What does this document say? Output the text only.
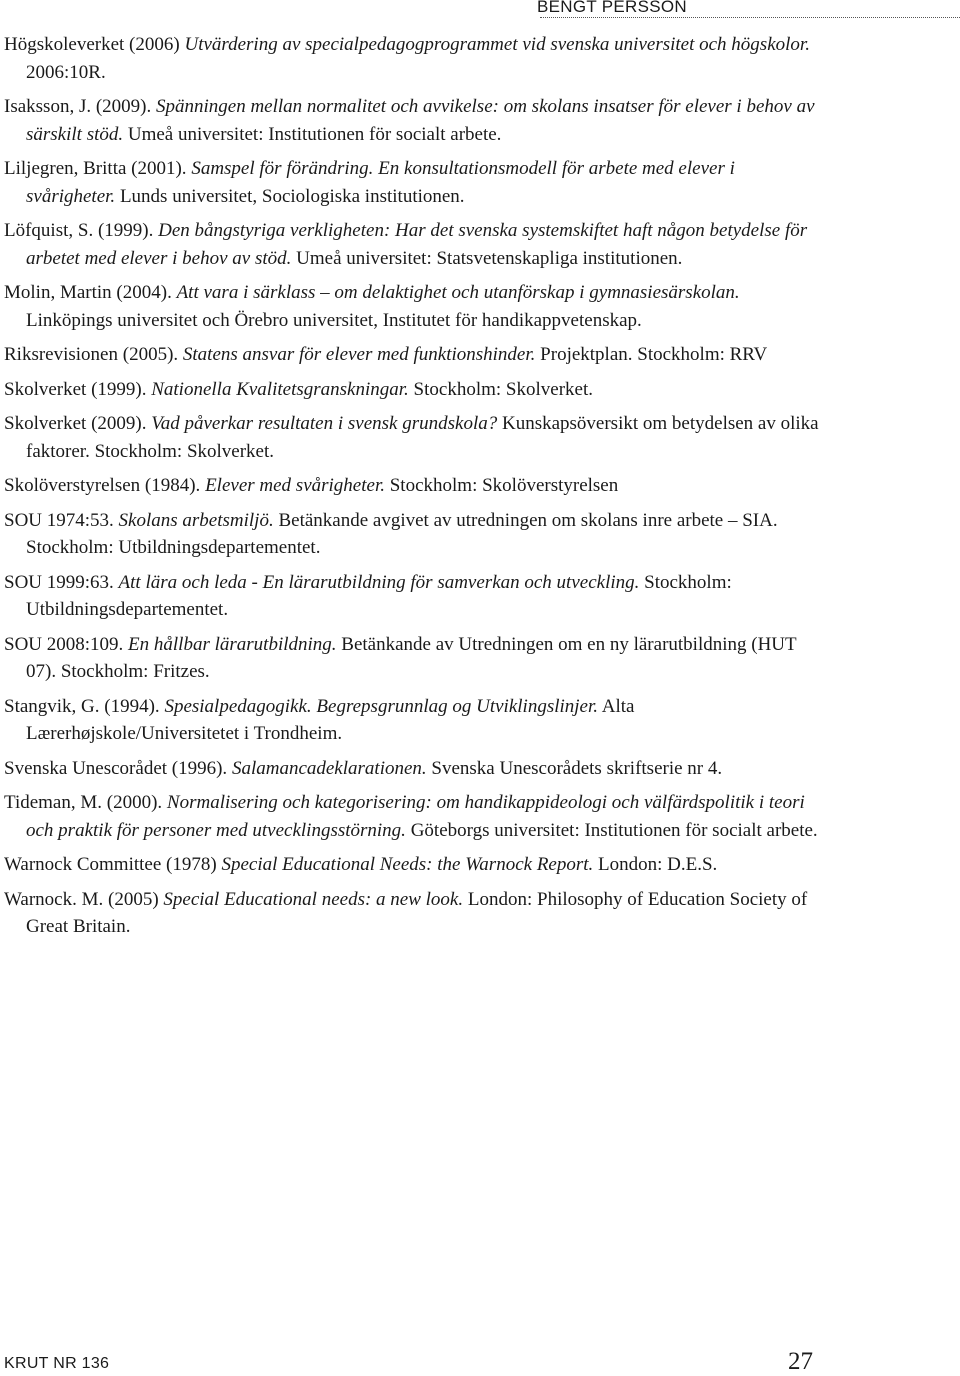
BENGT PERSSON
Högskoleverket (2006) Utvärdering av specialpedagogprogrammet vid svenska universitet och högskolor. 2006:10R.
Isaksson, J. (2009). Spänningen mellan normalitet och avvikelse: om skolans insatser för elever i behov av särskilt stöd. Umeå universitet: Institutionen för socialt arbete.
Liljegren, Britta (2001). Samspel för förändring. En konsultationsmodell för arbete med elever i svårigheter. Lunds universitet, Sociologiska institutionen.
Löfquist, S. (1999). Den bångstyriga verkligheten: Har det svenska systemskiftet haft någon betydelse för arbetet med elever i behov av stöd. Umeå universitet: Statsvetenskapliga institutionen.
Molin, Martin (2004). Att vara i särklass – om delaktighet och utanförskap i gymnasiesärskolan. Linköpings universitet och Örebro universitet, Institutet för handikappvetenskap.
Riksrevisionen (2005). Statens ansvar för elever med funktionshinder. Projektplan. Stockholm: RRV
Skolverket (1999). Nationella Kvalitetsgranskningar. Stockholm: Skolverket.
Skolverket (2009). Vad påverkar resultaten i svensk grundskola? Kunskapsöversikt om betydelsen av olika faktorer. Stockholm: Skolverket.
Skolöverstyrelsen (1984). Elever med svårigheter. Stockholm: Skolöverstyrelsen
SOU 1974:53. Skolans arbetsmiljö. Betänkande avgivet av utredningen om skolans inre arbete – SIA. Stockholm: Utbildningsdepartementet.
SOU 1999:63. Att lära och leda - En lärarutbildning för samverkan och utveckling. Stockholm: Utbildningsdepartementet.
SOU 2008:109. En hållbar lärarutbildning. Betänkande av Utredningen om en ny lärarutbildning (HUT 07). Stockholm: Fritzes.
Stangvik, G. (1994). Spesialpedagogikk. Begrepsgrunnlag og Utviklingslinjer. Alta Lærerhøjskole/Universitetet i Trondheim.
Svenska Unescorådet (1996). Salamancadeklarationen. Svenska Unescorådets skriftserie nr 4.
Tideman, M. (2000). Normalisering och kategorisering: om handikappideologi och välfärdspolitik i teori och praktik för personer med utvecklingsstörning. Göteborgs universitet: Institutionen för socialt arbete.
Warnock Committee (1978) Special Educational Needs: the Warnock Report. London: D.E.S.
Warnock. M. (2005) Special Educational needs: a new look. London: Philosophy of Education Society of Great Britain.
KRUT NR 136	27
